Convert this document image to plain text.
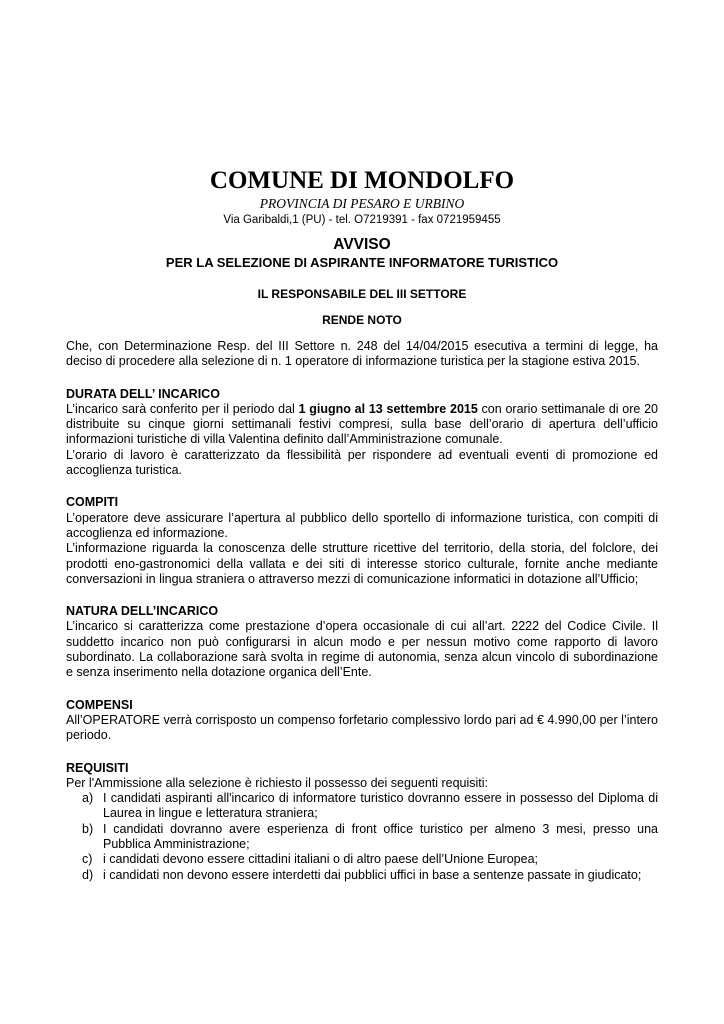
COMUNE DI MONDOLFO

PROVINCIA DI PESARO E URBINO

Via Garibaldi,1 (PU) - tel. O7219391 - fax 0721959455

AVVISO

PER LA SELEZIONE DI ASPIRANTE INFORMATORE TURISTICO

IL RESPONSABILE DEL III SETTORE
RENDE NOTO

Che, con Determinazione Resp. del III Settore n. 248 del 14/04/2015 esecutiva a termini di legge, ha deciso di procedere alla selezione di n. 1 operatore di informazione turistica per la stagione estiva 2015.

DURATA DELL’ INCARICO

L’incarico sarà conferito per il periodo dal 1 giugno al 13 settembre 2015 con orario settimanale di ore 20 distribuite su cinque giorni settimanali festivi compresi, sulla base dell’orario di apertura dell’ufficio informazioni turistiche di villa Valentina definito dall’Amministrazione comunale.

L’orario di lavoro è caratterizzato da flessibilità per rispondere ad eventuali eventi di promozione ed accoglienza turistica.

COMPITI

L’operatore deve assicurare l’apertura al pubblico dello sportello di informazione turistica, con compiti di accoglienza ed informazione.

L’informazione riguarda la conoscenza delle strutture ricettive del territorio, della storia, del folclore, dei prodotti eno-gastronomici della vallata e dei siti di interesse storico culturale, fornite anche mediante conversazioni in lingua straniera o attraverso mezzi di comunicazione informatici in dotazione all’Ufficio;

NATURA DELL’INCARICO

L’incarico si caratterizza come prestazione d’opera occasionale di cui all’art. 2222 del Codice Civile. Il suddetto incarico non può configurarsi in alcun modo e per nessun motivo come rapporto di lavoro subordinato. La collaborazione sarà svolta in regime di autonomia, senza alcun vincolo di subordinazione e senza inserimento nella dotazione organica dell’Ente.

COMPENSI

All’OPERATORE verrà corrisposto un compenso forfetario complessivo lordo pari ad € 4.990,00 per l’intero periodo.

REQUISITI

Per l'Ammissione alla selezione è richiesto il possesso dei seguenti requisiti:

a) I candidati aspiranti all'incarico di informatore turistico dovranno essere in possesso del Diploma di Laurea in lingue e letteratura straniera;
b) I candidati dovranno avere esperienza di front office turistico per almeno 3 mesi, presso una Pubblica Amministrazione;
c) i candidati devono essere cittadini italiani o di altro paese dell’Unione Europea;
d) i candidati non devono essere interdetti dai pubblici uffici in base a sentenze passate in giudicato;
